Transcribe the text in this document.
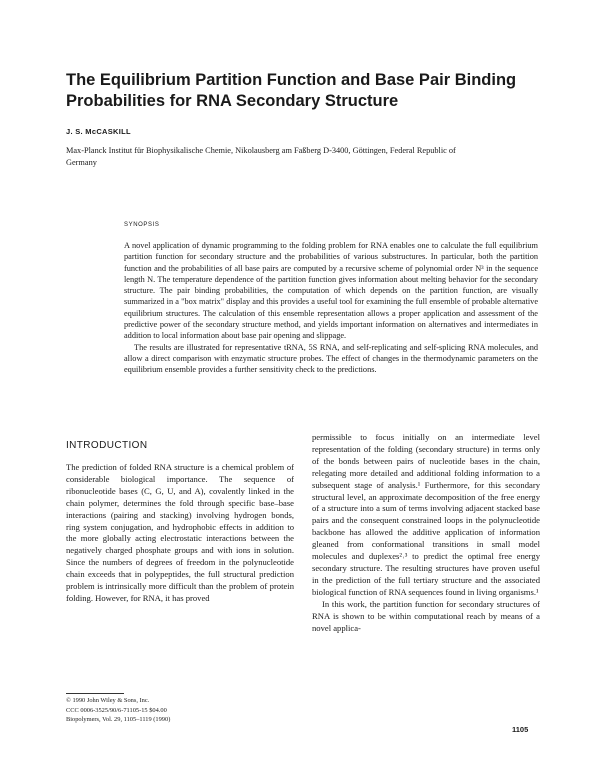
The Equilibrium Partition Function and Base Pair Binding Probabilities for RNA Secondary Structure
J. S. McCASKILL
Max-Planck Institut für Biophysikalische Chemie, Nikolausberg am Faßberg D-3400, Göttingen, Federal Republic of Germany
SYNOPSIS

A novel application of dynamic programming to the folding problem for RNA enables one to calculate the full equilibrium partition function for secondary structure and the probabilities of various substructures. In particular, both the partition function and the probabilities of all base pairs are computed by a recursive scheme of polynomial order N³ in the sequence length N. The temperature dependence of the partition function gives information about melting behavior for the secondary structure. The pair binding probabilities, the computation of which depends on the partition function, are visually summarized in a "box matrix" display and this provides a useful tool for examining the full ensemble of probable alternative equilibrium structures. The calculation of this ensemble representation allows a proper application and assessment of the predictive power of the secondary structure method, and yields important information on alternatives and intermediates in addition to local information about base pair opening and slippage.

The results are illustrated for representative tRNA, 5S RNA, and self-replicating and self-splicing RNA molecules, and allow a direct comparison with enzymatic structure probes. The effect of changes in the thermodynamic parameters on the equilibrium ensemble provides a further sensitivity check to the predictions.

INTRODUCTION

The prediction of folded RNA structure is a chemical problem of considerable biological importance. The sequence of ribonucleotide bases (C, G, U, and A), covalently linked in the chain polymer, determines the fold through specific base–base interactions (pairing and stacking) involving hydrogen bonds, ring system conjugation, and hydrophobic effects in addition to the more globally acting electrostatic interactions between the negatively charged phosphate groups and with ions in solution. Since the numbers of degrees of freedom in the polynucleotide chain exceeds that in polypeptides, the full structural prediction problem is intrinsically more difficult than the problem of protein folding. However, for RNA, it has proved

permissible to focus initially on an intermediate level representation of the folding (secondary structure) in terms only of the bonds between pairs of nucleotide bases in the chain, relegating more detailed and additional folding information to a subsequent stage of analysis.¹ Furthermore, for this secondary structural level, an approximate decomposition of the free energy of a structure into a sum of terms involving adjacent stacked base pairs and the consequent constrained loops in the polynucleotide backbone has allowed the additive application of information gleaned from conformational transitions in small model molecules and duplexes²˒³ to predict the optimal free energy secondary structure. The resulting structures have proven useful in the prediction of the full tertiary structure and the associated biological function of RNA sequences found in living organisms.¹

In this work, the partition function for secondary structures of RNA is shown to be within computational reach by means of a novel applica-

© 1990 John Wiley & Sons, Inc.
CCC 0006-3525/90/6-71105-15 $04.00
Biopolymers, Vol. 29, 1105–1119 (1990)
1105
